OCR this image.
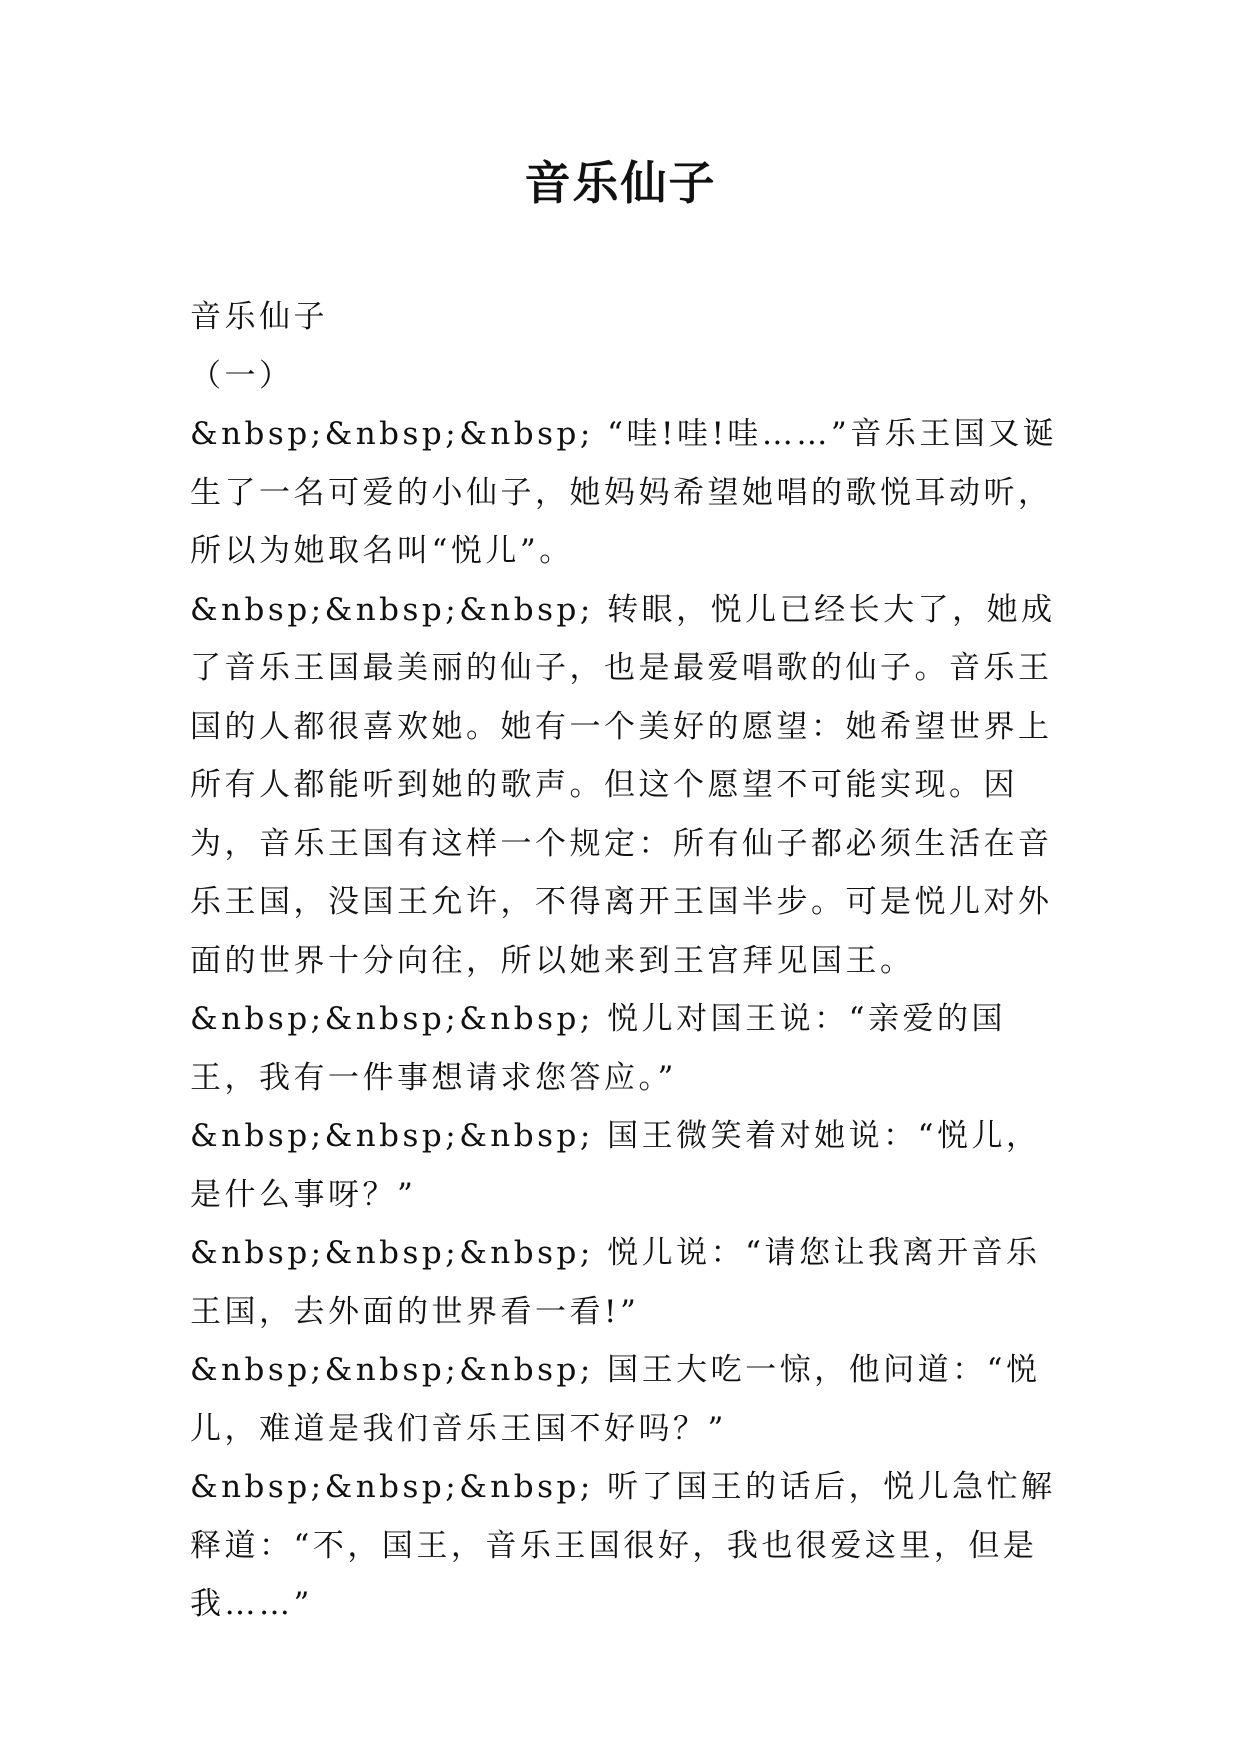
音乐仙子

音乐仙子

（一）

&nbsp;&nbsp;&nbsp; “哇!哇!哇……”音乐王国又诞生了一名可爱的小仙子，她妈妈希望她唱的歌悦耳动听，所以为她取名叫“悦儿”。

&nbsp;&nbsp;&nbsp; 转眼，悦儿已经长大了，她成了音乐王国最美丽的仙子，也是最爱唱歌的仙子。音乐王国的人都很喜欢她。她有一个美好的愿望：她希望世界上所有人都能听到她的歌声。但这个愿望不可能实现。因为，音乐王国有这样一个规定：所有仙子都必须生活在音乐王国，没国王允许，不得离开王国半步。可是悦儿对外面的世界十分向往，所以她来到王宫拜见国王。

&nbsp;&nbsp;&nbsp; 悦儿对国王说：“亲爱的国王，我有一件事想请求您答应。”

&nbsp;&nbsp;&nbsp; 国王微笑着对她说：“悦儿，是什么事呀？”

&nbsp;&nbsp;&nbsp; 悦儿说：“请您让我离开音乐王国，去外面的世界看一看!”

&nbsp;&nbsp;&nbsp; 国王大吃一惊，他问道：“悦儿，难道是我们音乐王国不好吗？”

&nbsp;&nbsp;&nbsp; 听了国王的话后，悦儿急忙解释道：“不，国王，音乐王国很好，我也很爱这里，但是我……”
